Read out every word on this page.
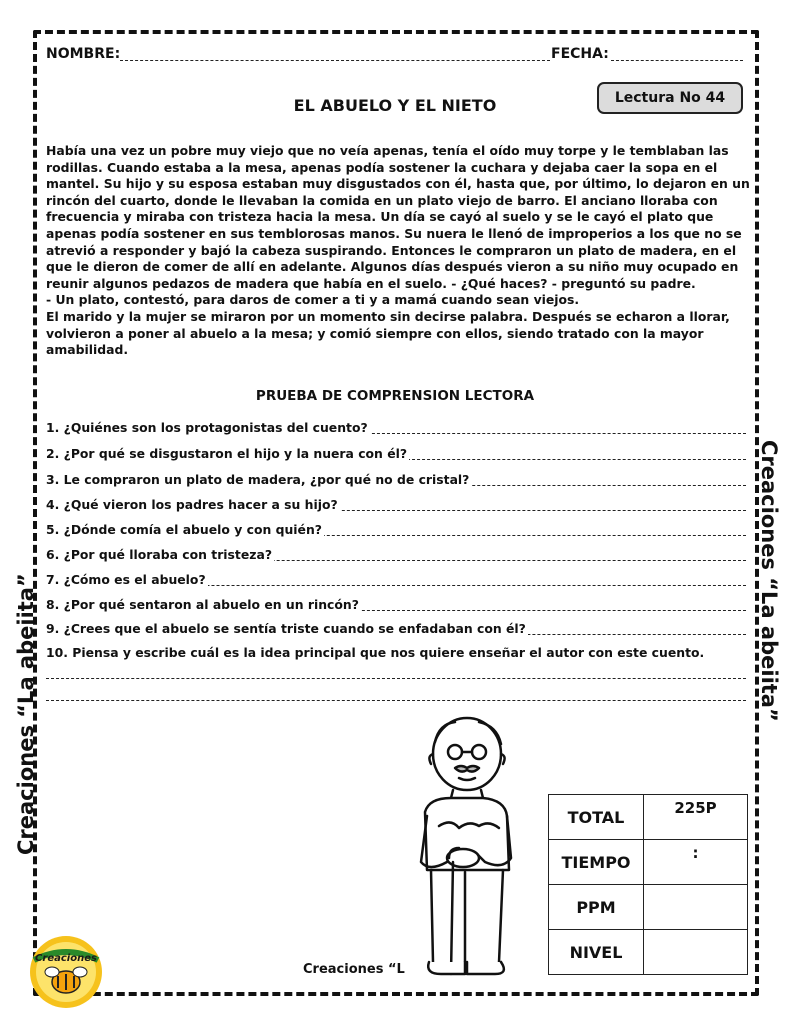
Creaciones “La abeiita”	Creaciones “La abeiita”
NOMBRE:	FECHA:
Lectura No 44
EL ABUELO Y EL NIETO

Había una vez un pobre muy viejo que no veía apenas, tenía el oído muy torpe y le temblaban las rodillas. Cuando estaba a la mesa, apenas podía sostener la cuchara y dejaba caer la sopa en el mantel. Su hijo y su esposa estaban muy disgustados con él, hasta que, por último, lo dejaron en un rincón del cuarto, donde le llevaban la comida en un plato viejo de barro. El anciano lloraba con frecuencia y miraba con tristeza hacia la mesa. Un día se cayó al suelo y se le cayó el plato que apenas podía sostener en sus temblorosas manos. Su nuera le llenó de improperios a los que no se atrevió a responder y bajó la cabeza suspirando. Entonces le compraron un plato de madera, en el que le dieron de comer de allí en adelante. Algunos días después vieron a su niño muy ocupado en reunir algunos pedazos de madera que había en el suelo. - ¿Qué haces? - preguntó su padre.

- Un plato, contestó, para daros de comer a ti y a mamá cuando sean viejos.

El marido y la mujer se miraron por un momento sin decirse palabra. Después se echaron a llorar, volvieron a poner al abuelo a la mesa; y comió siempre con ellos, siendo tratado con la mayor amabilidad.

PRUEBA DE COMPRENSION LECTORA
1. ¿Quiénes son los protagonistas del cuento?
2. ¿Por qué se disgustaron el hijo y la nuera con él?
3. Le compraron un plato de madera, ¿por qué no de cristal?
4. ¿Qué vieron los padres hacer a su hijo?
5. ¿Dónde comía el abuelo y con quién?
6. ¿Por qué lloraba con tristeza?
7. ¿Cómo es el abuelo?
8. ¿Por qué sentaron al abuelo en un rincón?
9. ¿Crees que el abuelo se sentía triste cuando se enfadaban con él?
10. Piensa y escribe cuál es la idea principal que nos quiere enseñar el autor con este cuento.
TOTAL	225P
TIEMPO	:
PPM	
NIVEL	
Creaciones “L
Creaciones
